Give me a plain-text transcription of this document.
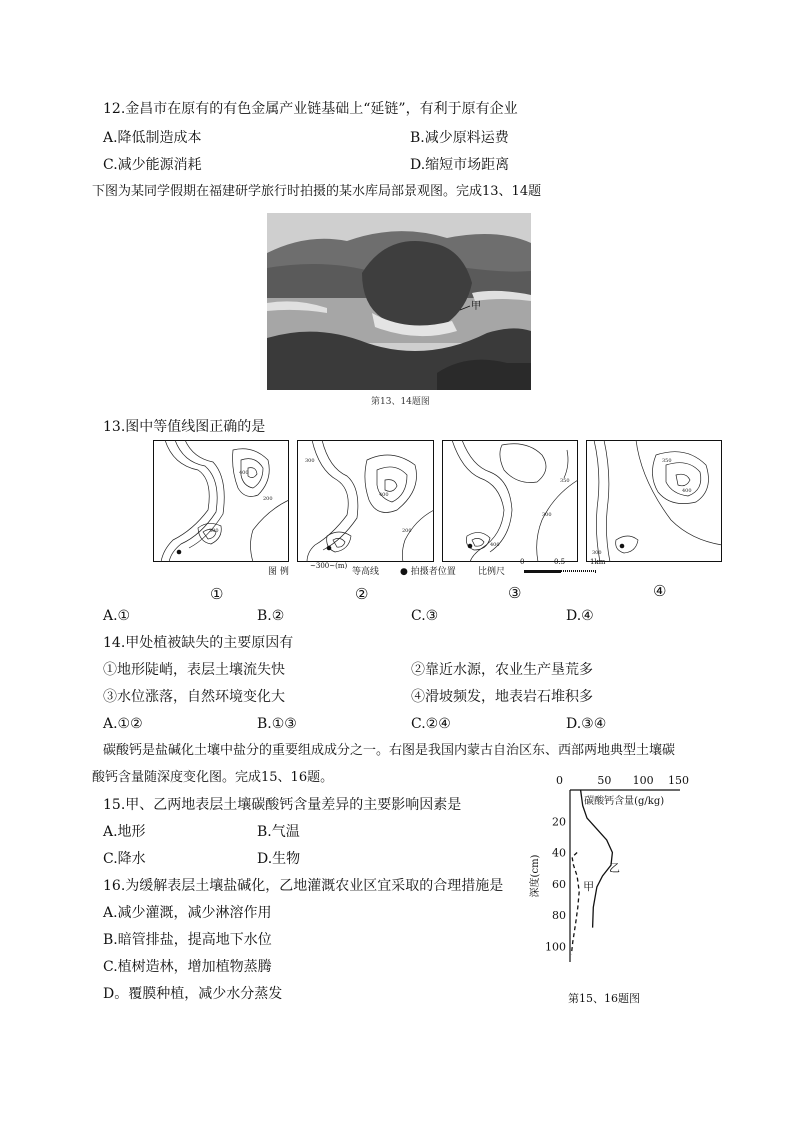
12.金昌市在原有的有色金属产业链基础上“延链”，有利于原有企业
A.降低制造成本	B.减少原料运费
C.减少能源消耗	D.缩短市场距离
下图为某同学假期在福建研学旅行时拍摄的某水库局部景观图。完成13、14题
甲
第13、14题图
13.图中等值线图正确的是
300
400
200
300
400
200
350
300
400
300
350
400
图 例
~300~(m)
等高线 ● 拍摄者位置 比例尺
0	0.5	1km
①	②	③	④
A.①	B.②	C.③	D.④
14.甲处植被缺失的主要原因有
①地形陡峭，表层土壤流失快	②靠近水源，农业生产垦荒多
③水位涨落，自然环境变化大	④滑坡频发，地表岩石堆积多
A.①②	B.①③	C.②④	D.③④
碳酸钙是盐碱化土壤中盐分的重要组成成分之一。右图是我国内蒙古自治区东、西部两地典型土壤碳
酸钙含量随深度变化图。完成15、16题。
15.甲、乙两地表层土壤碳酸钙含量差异的主要影响因素是
A.地形	B.气温
C.降水	D.生物
16.为缓解表层土壤盐碱化，乙地灌溉农业区宜采取的合理措施是
A.减少灌溉，减少淋溶作用
B.暗管排盐，提高地下水位
C.植树造林，增加植物蒸腾
D。覆膜种植，减少水分蒸发
0	50 100 150
20
40
60
80
100
碳酸钙含量(g/kg)
深度(cm)
第15、16题图
甲
乙
